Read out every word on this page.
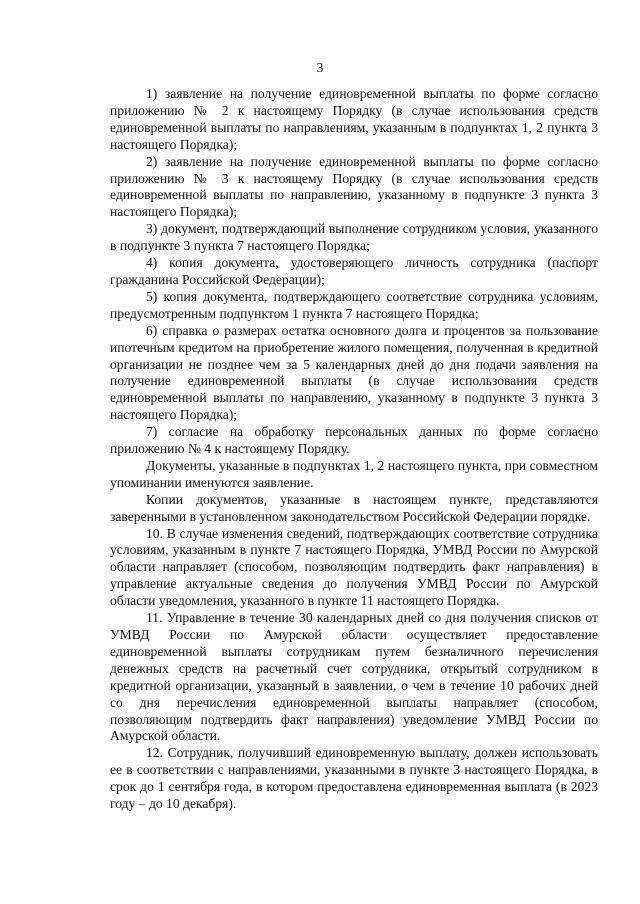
3

1) заявление на получение единовременной выплаты по форме согласно приложению № 2 к настоящему Порядку (в случае использования средств единовременной выплаты по направлениям, указанным в подпунктах 1, 2 пункта 3 настоящего Порядка);

2) заявление на получение единовременной выплаты по форме согласно приложению № 3 к настоящему Порядку (в случае использования средств единовременной выплаты по направлению, указанному в подпункте 3 пункта 3 настоящего Порядка);

3) документ, подтверждающий выполнение сотрудником условия, указанного в подпункте 3 пункта 7 настоящего Порядка;

4) копия документа, удостоверяющего личность сотрудника (паспорт гражданина Российской Федерации);

5) копия документа, подтверждающего соответствие сотрудника условиям, предусмотренным подпунктом 1 пункта 7 настоящего Порядка;

6) справка о размерах остатка основного долга и процентов за пользование ипотечным кредитом на приобретение жилого помещения, полученная в кредитной организации не позднее чем за 5 календарных дней до дня подачи заявления на получение единовременной выплаты (в случае использования средств единовременной выплаты по направлению, указанному в подпункте 3 пункта 3 настоящего Порядка);

7) согласие на обработку персональных данных по форме согласно приложению № 4 к настоящему Порядку.

Документы, указанные в подпунктах 1, 2 настоящего пункта, при совместном упоминании именуются заявление.

Копии документов, указанные в настоящем пункте, представляются заверенными в установленном законодательством Российской Федерации порядке.

10. В случае изменения сведений, подтверждающих соответствие сотрудника условиям, указанным в пункте 7 настоящего Порядка, УМВД России по Амурской области направляет (способом, позволяющим подтвердить факт направления) в управление актуальные сведения до получения УМВД России по Амурской области уведомления, указанного в пункте 11 настоящего Порядка.

11. Управление в течение 30 календарных дней со дня получения списков от УМВД России по Амурской области осуществляет предоставление единовременной выплаты сотрудникам путем безналичного перечисления денежных средств на расчетный счет сотрудника, открытый сотрудником в кредитной организации, указанный в заявлении, о чем в течение 10 рабочих дней со дня перечисления единовременной выплаты направляет (способом, позволяющим подтвердить факт направления) уведомление УМВД России по Амурской области.

12. Сотрудник, получивший единовременную выплату, должен использовать ее в соответствии с направлениями, указанными в пункте 3 настоящего Порядка, в срок до 1 сентября года, в котором предоставлена единовременная выплата (в 2023 году – до 10 декабря).
